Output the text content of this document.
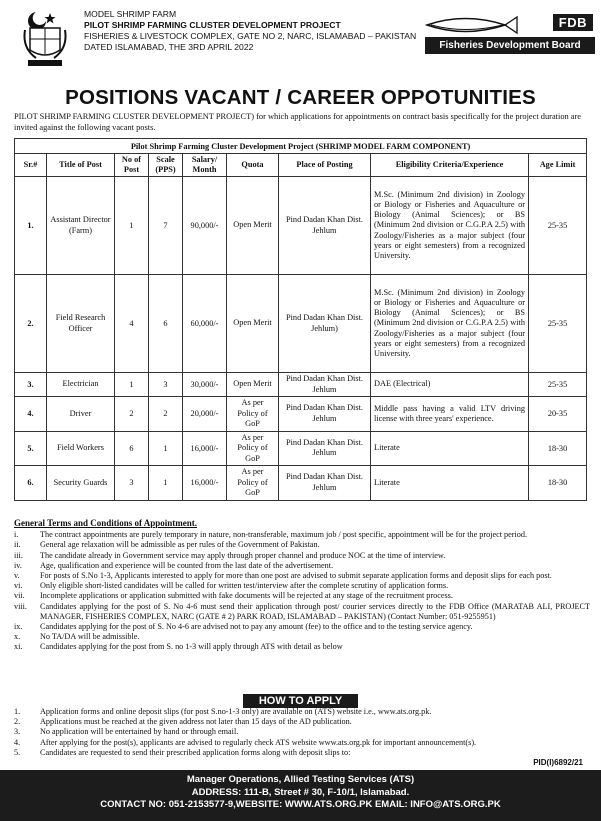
MODEL SHRIMP FARM
PILOT SHRIMP FARMING CLUSTER DEVELOPMENT PROJECT
FISHERIES & LIVESTOCK COMPLEX, GATE NO 2, NARC, ISLAMABAD – PAKISTAN
DATED ISLAMABAD, THE 3RD APRIL 2022
FDB
Fisheries Development Board
POSITIONS VACANT / CAREER OPPOTUNITIES
PILOT SHRIMP FARMING CLUSTER DEVELOPMENT PROJECT) for which applications for appointments on contract basis specifically for the project duration are invited against the following vacant posts.
Pilot Shrimp Farming Cluster Development Project (SHRIMP MODEL FARM COMPONENT)								
Sr.#	Title of Post	No of Post	Scale (PPS)	Salary/ Month	Quota	Place of Posting	Eligibility Criteria/Experience	Age Limit
1.	Assistant Director (Farm)	1	7	90,000/-	Open Merit	Pind Dadan Khan Dist. Jehlum	M.Sc. (Minimum 2nd division) in Zoology or Biology or Fisheries and Aquaculture or Biology (Animal Sciences); or BS (Minimum 2nd division or C.G.P.A 2.5) with Zoology/Fisheries as a major subject (four years or eight semesters) from a recognized University.	25-35
2.	Field Research Officer	4	6	60,000/-	Open Merit	Pind Dadan Khan Dist. Jehlum)	M.Sc. (Minimum 2nd division) in Zoology or Biology or Fisheries and Aquaculture or Biology (Animal Sciences); or BS (Minimum 2nd division or C.G.P.A 2.5) with Zoology/Fisheries as a major subject (four years or eight semesters) from a recognized University.	25-35
3.	Electrician	1	3	30,000/-	Open Merit	Pind Dadan Khan Dist. Jehlum	DAE (Electrical)	25-35
4.	Driver	2	2	20,000/-	As per Policy of GoP	Pind Dadan Khan Dist. Jehlum	Middle pass having a valid LTV driving license with three years' experience.	20-35
5.	Field Workers	6	1	16,000/-	As per Policy of GoP	Pind Dadan Khan Dist. Jehlum	Literate	18-30
6.	Security Guards	3	1	16,000/-	As per Policy of GoP	Pind Dadan Khan Dist. Jehlum	Literate	18-30
General Terms and Conditions of Appointment.
i.	The contract appointments are purely temporary in nature, non-transferable, maximum job / post specific, appointment will be for the project period.
ii. General age relaxation will be admissible as per rules of the Government of Pakistan.
iii. The candidate already in Government service may apply through proper channel and produce NOC at the time of interview.
iv. Age, qualification and experience will be counted from the last date of the advertisement.
v. For posts of S.No 1-3, Applicants interested to apply for more than one post are advised to submit separate application forms and deposit slips for each post.
vi. Only eligible short-listed candidates will be called for written test/interview after the complete scrutiny of application forms.
vii. Incomplete applications or application submitted with fake documents will be rejected at any stage of the recruitment process.
viii. Candidates applying for the post of S. No 4-6 must send their application through post/ courier services directly to the FDB Office (MARATAB ALI, PROJECT MANAGER, FISHERIES COMPLEX, NARC (GATE # 2) PARK ROAD, ISLAMABAD – PAKISTAN) (Contact Number: 051-9255951)
ix. Candidates applying for the post of S. No 4-6 are advised not to pay any amount (fee) to the office and to the testing service agency.
x. No TA/DA will be admissible.
xi. Candidates applying for the post from S. no 1-3 will apply through ATS with detail as below
HOW TO APPLY
1. Application forms and online deposit slips (for post S.no-1-3 only) are available on (ATS) website i.e., www.ats.org.pk.
2. Applications must be reached at the given address not later than 15 days of the AD publication.
3. No application will be entertained by hand or through email.
4. After applying for the post(s), applicants are advised to regularly check ATS website www.ats.org.pk for important announcement(s).
5. Candidates are requested to send their prescribed application forms along with deposit slips to:
PID(I)6892/21
Manager Operations, Allied Testing Services (ATS)
ADDRESS: 111-B, Street # 30, F-10/1, Islamabad.
CONTACT NO: 051-2153577-9,WEBSITE: WWW.ATS.ORG.PK EMAIL: INFO@ATS.ORG.PK
